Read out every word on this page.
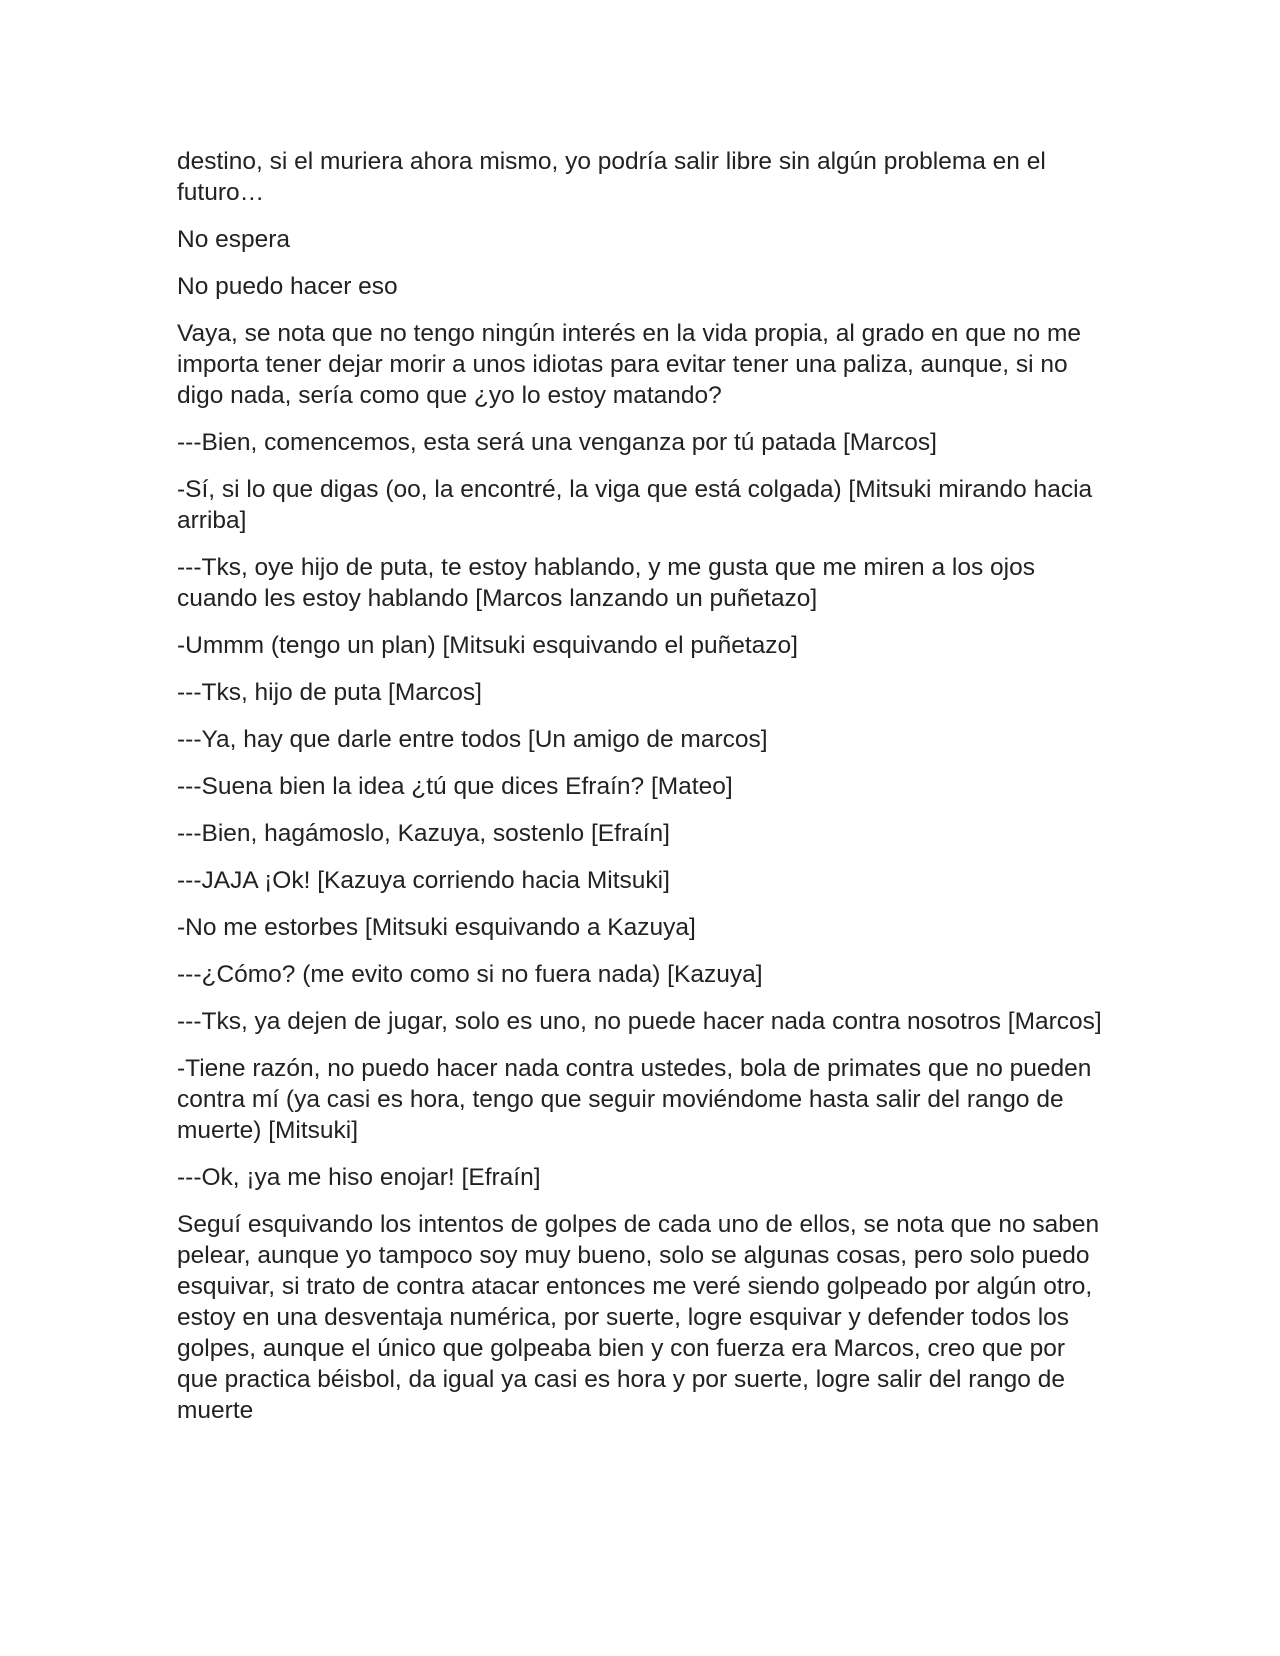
destino, si el muriera ahora mismo, yo podría salir libre sin algún problema en el futuro…

No espera

No puedo hacer eso

Vaya, se nota que no tengo ningún interés en la vida propia, al grado en que no me importa tener dejar morir a unos idiotas para evitar tener una paliza, aunque, si no digo nada, sería como que ¿yo lo estoy matando?

---Bien, comencemos, esta será una venganza por tú patada [Marcos]

-Sí, si lo que digas (oo, la encontré, la viga que está colgada) [Mitsuki mirando hacia arriba]

---Tks, oye hijo de puta, te estoy hablando, y me gusta que me miren a los ojos cuando les estoy hablando [Marcos lanzando un puñetazo]

-Ummm (tengo un plan) [Mitsuki esquivando el puñetazo]

---Tks, hijo de puta [Marcos]

---Ya, hay que darle entre todos [Un amigo de marcos]

---Suena bien la idea ¿tú que dices Efraín? [Mateo]

---Bien, hagámoslo, Kazuya, sostenlo [Efraín]

---JAJA ¡Ok! [Kazuya corriendo hacia Mitsuki]

-No me estorbes [Mitsuki esquivando a Kazuya]

---¿Cómo? (me evito como si no fuera nada) [Kazuya]

---Tks, ya dejen de jugar, solo es uno, no puede hacer nada contra nosotros [Marcos]

-Tiene razón, no puedo hacer nada contra ustedes, bola de primates que no pueden contra mí (ya casi es hora, tengo que seguir moviéndome hasta salir del rango de muerte) [Mitsuki]

---Ok, ¡ya me hiso enojar! [Efraín]

Seguí esquivando los intentos de golpes de cada uno de ellos, se nota que no saben pelear, aunque yo tampoco soy muy bueno, solo se algunas cosas, pero solo puedo esquivar, si trato de contra atacar entonces me veré siendo golpeado por algún otro, estoy en una desventaja numérica, por suerte, logre esquivar y defender todos los golpes, aunque el único que golpeaba bien y con fuerza era Marcos, creo que por que practica béisbol, da igual ya casi es hora y por suerte, logre salir del rango de muerte
